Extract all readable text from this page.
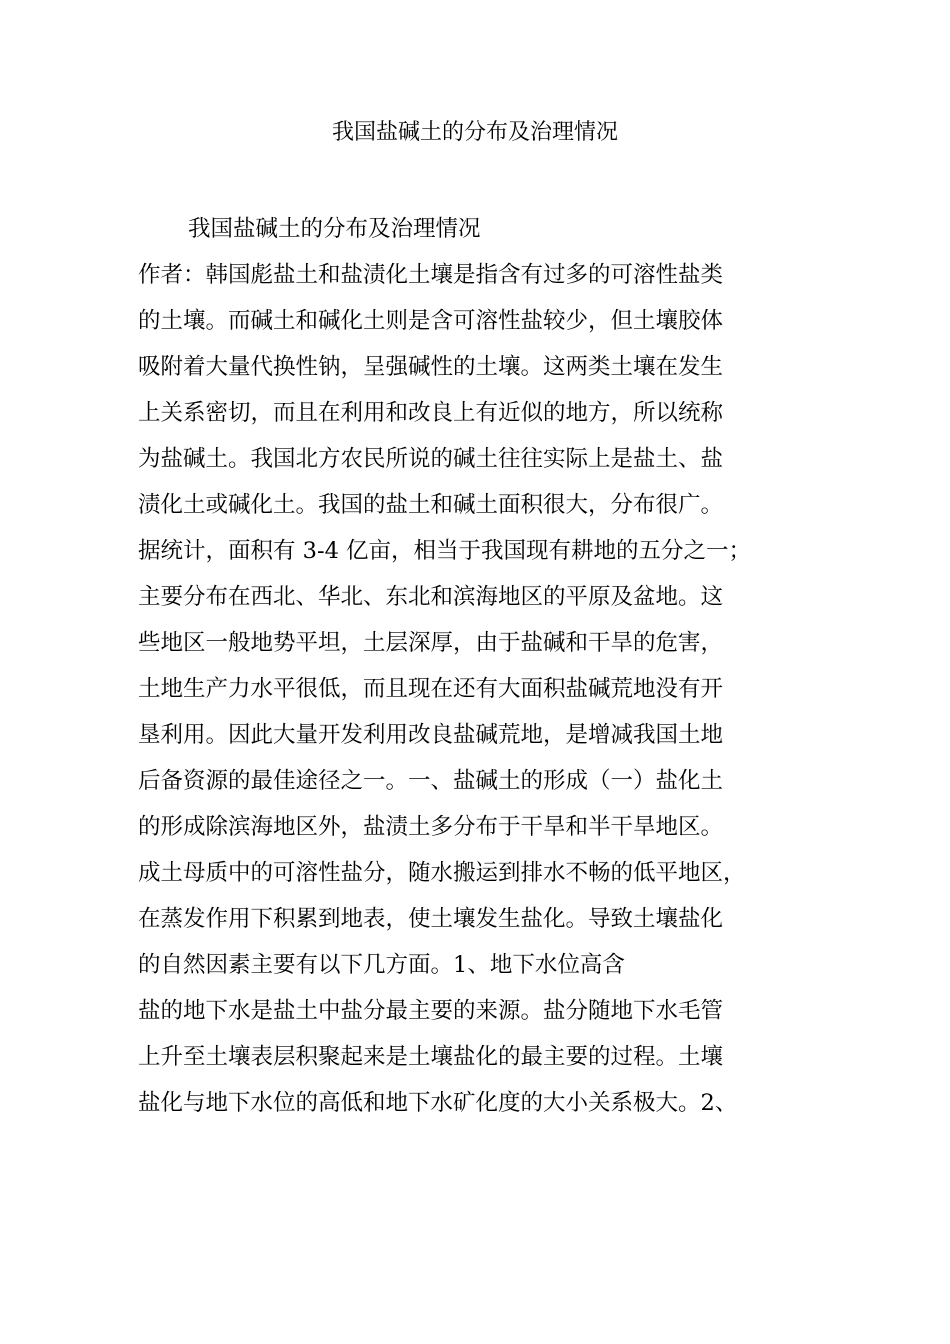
我国盐碱土的分布及治理情况
我国盐碱土的分布及治理情况
作者：韩国彪盐土和盐渍化土壤是指含有过多的可溶性盐类
的土壤。而碱土和碱化土则是含可溶性盐较少，但土壤胶体
吸附着大量代换性钠，呈强碱性的土壤。这两类土壤在发生
上关系密切，而且在利用和改良上有近似的地方，所以统称
为盐碱土。我国北方农民所说的碱土往往实际上是盐土、盐
渍化土或碱化土。我国的盐土和碱土面积很大，分布很广。
据统计，面积有 3-4 亿亩，相当于我国现有耕地的五分之一；
主要分布在西北、华北、东北和滨海地区的平原及盆地。这
些地区一般地势平坦，土层深厚，由于盐碱和干旱的危害，
土地生产力水平很低，而且现在还有大面积盐碱荒地没有开
垦利用。因此大量开发利用改良盐碱荒地，是增减我国土地
后备资源的最佳途径之一。一、盐碱土的形成（一）盐化土
的形成除滨海地区外，盐渍土多分布于干旱和半干旱地区。
成土母质中的可溶性盐分，随水搬运到排水不畅的低平地区，
在蒸发作用下积累到地表，使土壤发生盐化。导致土壤盐化
的自然因素主要有以下几方面。1、地下水位高含
盐的地下水是盐土中盐分最主要的来源。盐分随地下水毛管
上升至土壤表层积聚起来是土壤盐化的最主要的过程。土壤
盐化与地下水位的高低和地下水矿化度的大小关系极大。2、
